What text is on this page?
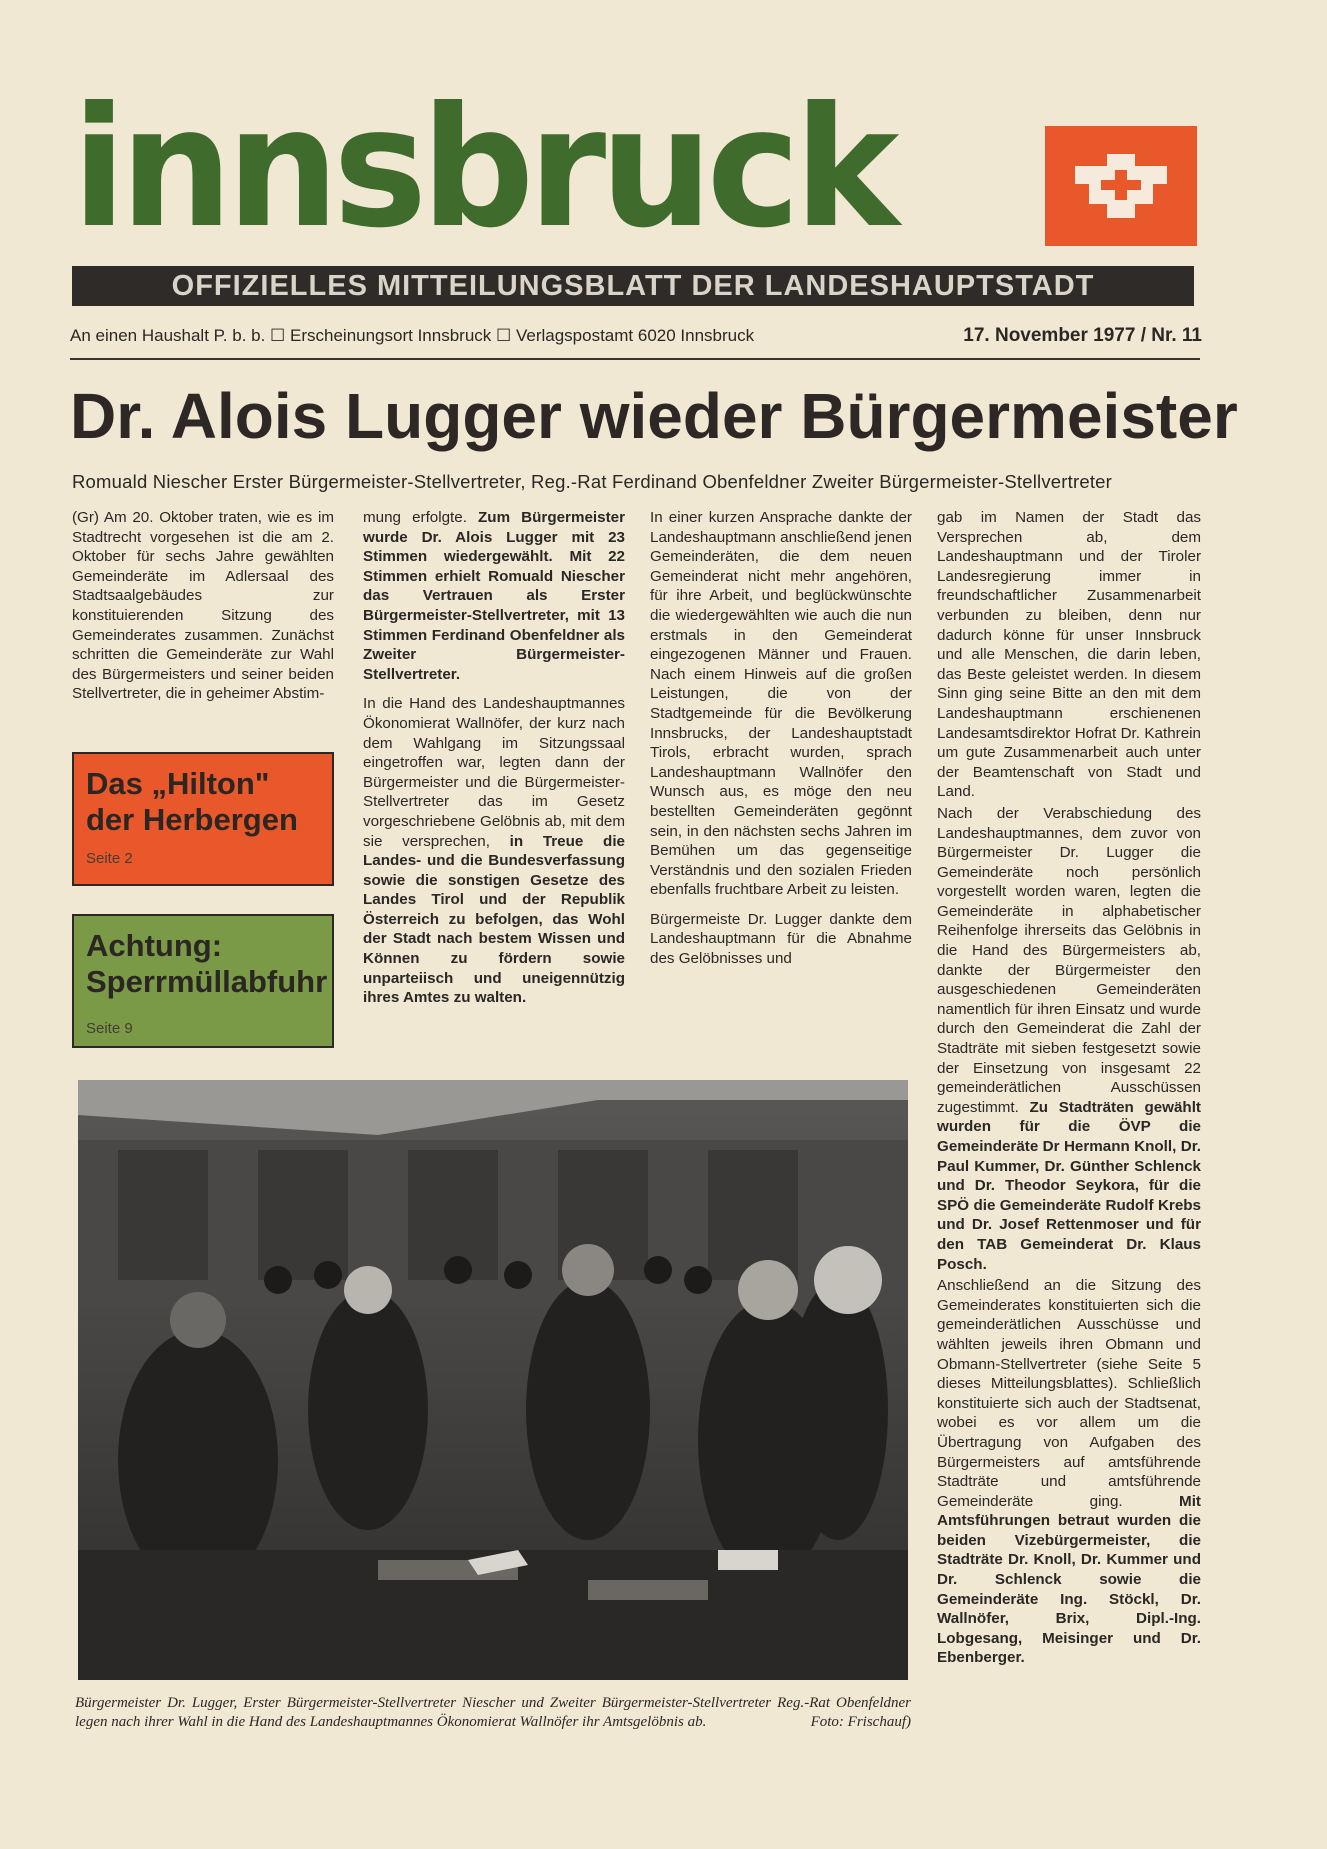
innsbruck
OFFIZIELLES MITTEILUNGSBLATT DER LANDESHAUPTSTADT
An einen Haushalt P. b. b. ☐ Erscheinungsort Innsbruck ☐ Verlagspostamt 6020 Innsbruck	17. November 1977 / Nr. 11
Dr. Alois Lugger wieder Bürgermeister
Romuald Niescher Erster Bürgermeister-Stellvertreter, Reg.-Rat Ferdinand Obenfeldner Zweiter Bürgermeister-Stellvertreter

(Gr) Am 20. Oktober traten, wie es im Stadtrecht vorgesehen ist die am 2. Oktober für sechs Jahre gewählten Gemeinderäte im Adlersaal des Stadtsaalgebäudes zur konstituierenden Sitzung des Gemeinderates zusammen. Zunächst schritten die Gemeinderäte zur Wahl des Bürgermeisters und seiner beiden Stellvertreter, die in geheimer Abstim-

Das „Hilton" der Herbergen
Seite 2
Achtung: Sperrmüllabfuhr
Seite 9

mung erfolgte. Zum Bürgermeister wurde Dr. Alois Lugger mit 23 Stimmen wiedergewählt. Mit 22 Stimmen erhielt Romuald Niescher das Vertrauen als Erster Bürgermeister-Stellvertreter, mit 13 Stimmen Ferdinand Obenfeldner als Zweiter Bürgermeister-Stellvertreter.

In die Hand des Landeshauptmannes Ökonomierat Wallnöfer, der kurz nach dem Wahlgang im Sitzungssaal eingetroffen war, legten dann der Bürgermeister und die Bürgermeister-Stellvertreter das im Gesetz vorgeschriebene Gelöbnis ab, mit dem sie versprechen, in Treue die Landes- und die Bundesverfassung sowie die sonstigen Gesetze des Landes Tirol und der Republik Österreich zu befolgen, das Wohl der Stadt nach bestem Wissen und Können zu fördern sowie unparteiisch und uneigennützig ihres Amtes zu walten.

In einer kurzen Ansprache dankte der Landeshauptmann anschließend jenen Gemeinderäten, die dem neuen Gemeinderat nicht mehr angehören, für ihre Arbeit, und beglückwünschte die wiedergewählten wie auch die nun erstmals in den Gemeinderat eingezogenen Männer und Frauen. Nach einem Hinweis auf die großen Leistungen, die von der Stadtgemeinde für die Bevölkerung Innsbrucks, der Landeshauptstadt Tirols, erbracht wurden, sprach Landeshauptmann Wallnöfer den Wunsch aus, es möge den neu bestellten Gemeinderäten gegönnt sein, in den nächsten sechs Jahren im Bemühen um das gegenseitige Verständnis und den sozialen Frieden ebenfalls fruchtbare Arbeit zu leisten.

Bürgermeiste Dr. Lugger dankte dem Landeshauptmann für die Abnahme des Gelöbnisses und

gab im Namen der Stadt das Versprechen ab, dem Landeshauptmann und der Tiroler Landesregierung immer in freundschaftlicher Zusammenarbeit verbunden zu bleiben, denn nur dadurch könne für unser Innsbruck und alle Menschen, die darin leben, das Beste geleistet werden. In diesem Sinn ging seine Bitte an den mit dem Landeshauptmann erschienenen Landesamtsdirektor Hofrat Dr. Kathrein um gute Zusammenarbeit auch unter der Beamtenschaft von Stadt und Land.

Nach der Verabschiedung des Landeshauptmannes, dem zuvor von Bürgermeister Dr. Lugger die Gemeinderäte noch persönlich vorgestellt worden waren, legten die Gemeinderäte in alphabetischer Reihenfolge ihrerseits das Gelöbnis in die Hand des Bürgermeisters ab, dankte der Bürgermeister den ausgeschiedenen Gemeinderäten namentlich für ihren Einsatz und wurde durch den Gemeinderat die Zahl der Stadträte mit sieben festgesetzt sowie der Einsetzung von insgesamt 22 gemeinderätlichen Ausschüssen zugestimmt. Zu Stadträten gewählt wurden für die ÖVP die Gemeinderäte Dr Hermann Knoll, Dr. Paul Kummer, Dr. Günther Schlenck und Dr. Theodor Seykora, für die SPÖ die Gemeinderäte Rudolf Krebs und Dr. Josef Rettenmoser und für den TAB Gemeinderat Dr. Klaus Posch.

Anschließend an die Sitzung des Gemeinderates konstituierten sich die gemeinderätlichen Ausschüsse und wählten jeweils ihren Obmann und Obmann-Stellvertreter (siehe Seite 5 dieses Mitteilungsblattes). Schließlich konstituierte sich auch der Stadtsenat, wobei es vor allem um die Übertragung von Aufgaben des Bürgermeisters auf amtsführende Stadträte und amtsführende Gemeinderäte ging.	Mit Amtsführungen betraut wurden die beiden Vizebürgermeister, die Stadträte Dr. Knoll, Dr. Kummer und Dr. Schlenck sowie die Gemeinderäte Ing. Stöckl, Dr. Wallnöfer, Brix, Dipl.-Ing. Lobgesang, Meisinger und Dr. Ebenberger.

Bürgermeister Dr. Lugger, Erster Bürgermeister-Stellvertreter Niescher und Zweiter Bürgermeister-Stellvertreter Reg.-Rat Obenfeldner legen nach ihrer Wahl in die Hand des Landeshauptmannes Ökonomierat Wallnöfer ihr Amtsgelöbnis ab.	Foto: Frischauf)
